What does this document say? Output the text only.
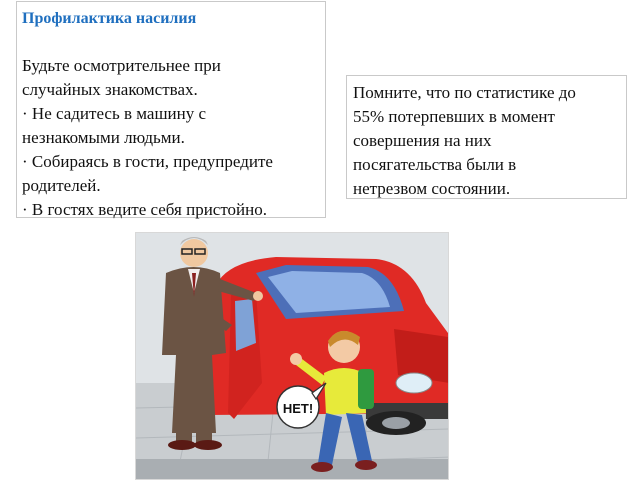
Профилактика насилия

Будьте осмотрительнее при

случайных знакомствах.

· Не садитесь в машину с

незнакомыми людьми.

· Собираясь в гости, предупредите

родителей.

· В гостях ведите себя пристойно.

Помните, что по статистике до

55% потерпевших в момент

совершения на них

посягательства были в

нетрезвом состоянии.

НЕТ!
